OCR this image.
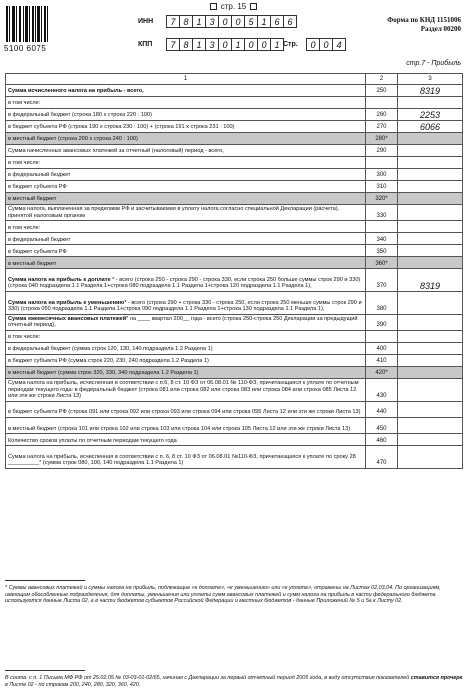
стр. 15
5100 6075
ИНН	7 8 1 3 0 0 5 1 6 6
КПП	7 8 1 3 0 1 0 0 1 Стр.	0 0 4
Форма по КНД 1151006
Раздел 00200
стр.7 - Прибыль
1	2	3
Сумма исчисленного налога на прибыль - всего,	250	8319
в том числе:		
в федеральный бюджет (строка 180 х строка 220 : 100)	260	2253
в бюджет субъекта РФ (строка 190 х строка 230 : 100) + (строка 191 х строка 231 : 100)	270	6066
в местный бюджет (строка 200 х строка 240 : 100)	280*	
Сумма начисленных авансовых платежей за отчетный (налоговый) период - всего,	290	
в том числе:		
в федеральный бюджет	300	
в бюджет субъекта РФ	310	
в местный бюджет	320*	
Сумма налога, выплаченная за пределами РФ и засчитываемая в уплату налога согласно специальной Декларации (расчета), принятой налоговым органом	330	
в том числе:		
в федеральный бюджет	340	
в бюджет субъекта РФ	350	
в местный бюджет	360*	
Сумма налога на прибыль к доплате * - всего (строка 250 - строка 290 - строка 330, если строка 250 больше суммы строк 290 и 330) (строка 040 подраздела 1.1 Раздела 1+строка 080 подраздела 1.1 Раздела 1+строка 120 подраздела 1.1 Раздела 1),	370	8319
Сумма налога на прибыль к уменьшению* - всего (строка 290 + строка 330 - строка 250, если строка 250 меньше суммы строк 290 и 330) (строка 050 подраздела 1.1 Раздела 1+строка 090 подраздела 1.1 Раздела 1+строка 130 подраздела 1.1 Раздела 1),	380	
Сумма ежемесячных авансовых платежей* на ____ квартал 200__ года - всего (строка 250-строка 250 Декларации за предыдущий отчетный период),	390	
в том числе:		
в федеральный бюджет (сумма строк 120, 130, 140 подраздела 1.2 Раздела 1)	400	
в бюджет субъекта РФ (сумма строк 220, 230, 240 подраздела 1.2 Раздела 1)	410	
в местный бюджет (сумма строк 320, 330, 340 подраздела 1.2 Раздела 1)	420*	
Сумма налога на прибыль, исчисленная в соответствии с п.6, 8 ст. 10 ФЗ от 06.08.01 № 110-ФЗ, причитающаяся к уплате по отчетным периодам текущего года: в федеральный бюджет (строка 081 или строка 082 или строка 083 или строка 084 или строка 085 Листа 12 или эти же строки Листа 13)	430	
в бюджет субъекта РФ (строка 091 или строка 092 или строка 093 или строка 094 или строка 095 Листа 12 или эти же строки Листа 13)	440	
в местный бюджет (строка 101 или строка 102 или строка 103 или строка 104 или строка 105 Листа 12 или эти же строки Листа 13)	450	
Количество сроков уплаты по отчетным периодам текущего года	460	
Сумма налога на прибыль, исчисленная в соответствии с п. 6, 8 ст. 10 ФЗ от 06.08.01 №110-ФЗ, причитающаяся к уплате по сроку 28 __________* (сумма строк 080, 100, 140 подраздела 1.1 Раздела 1)	470	
* Суммы авансовых платежей и суммы налога на прибыль, подлежащие «к доплате», «к уменьшению» или «к уплате», отражены на Листах 02,03,04. По организациям, имеющим обособленные подразделения, для доплаты, уменьшения или уплаты сумм авансовых платежей и сумм налога на прибыль в части федерального бюджета используются данные Листа 02, а в части бюджетов субъектов Российской Федерации и местных бюджетов - данные Приложений № 5 и 5а к Листу 02.
В соотв. с п. 1 Письма МФ РФ от 25.02.05 № 03-03-01-02/65, начиная с Декларации за первый отчетный период 2005 года, в виду отсутствия показателей ставится прочерк в Листе 02 - по строкам 200, 240, 280, 320, 360, 420.
